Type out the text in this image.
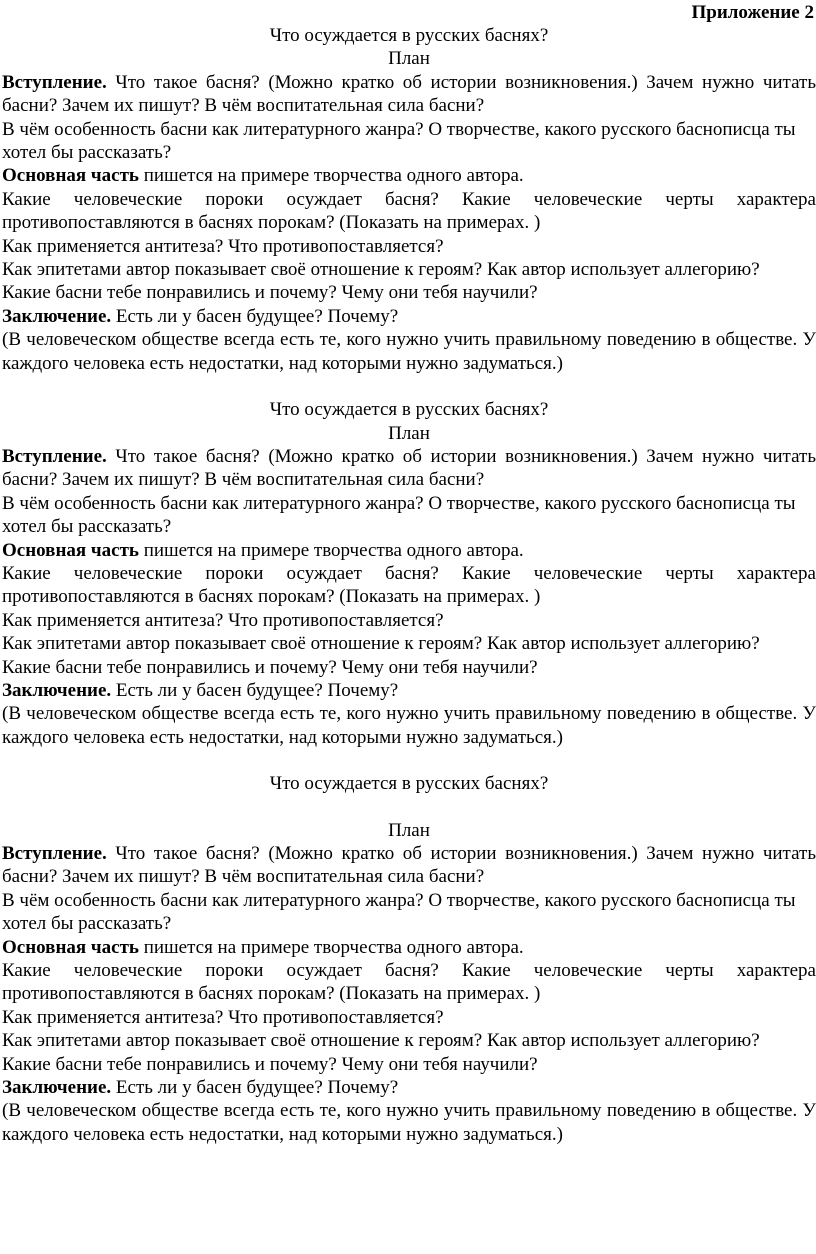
Приложение 2

Что осуждается в русских баснях?

План

Вступление. Что такое басня? (Можно кратко об истории возникновения.) Зачем нужно читать басни? Зачем их пишут? В чём воспитательная сила басни?

В чём особенность басни как литературного жанра? О творчестве, какого русского баснописца ты хотел бы рассказать?

Основная часть пишется на примере творчества одного автора.

Какие человеческие пороки осуждает басня? Какие человеческие черты характера противопоставляются в баснях порокам? (Показать на примерах. )

Как применяется антитеза? Что противопоставляется?

Как эпитетами автор показывает своё отношение к героям? Как автор использует аллегорию?

Какие басни тебе понравились и почему? Чему они тебя научили?

Заключение. Есть ли у басен будущее? Почему?

(В человеческом обществе всегда есть те, кого нужно учить правильному поведению в обществе. У каждого человека есть недостатки, над которыми нужно задуматься.)

Что осуждается в русских баснях?

План

Вступление. Что такое басня? (Можно кратко об истории возникновения.) Зачем нужно читать басни? Зачем их пишут? В чём воспитательная сила басни?

В чём особенность басни как литературного жанра? О творчестве, какого русского баснописца ты хотел бы рассказать?

Основная часть пишется на примере творчества одного автора.

Какие человеческие пороки осуждает басня? Какие человеческие черты характера противопоставляются в баснях порокам? (Показать на примерах. )

Как применяется антитеза? Что противопоставляется?

Как эпитетами автор показывает своё отношение к героям? Как автор использует аллегорию?

Какие басни тебе понравились и почему? Чему они тебя научили?

Заключение. Есть ли у басен будущее? Почему?

(В человеческом обществе всегда есть те, кого нужно учить правильному поведению в обществе. У каждого человека есть недостатки, над которыми нужно задуматься.)

Что осуждается в русских баснях?

План

Вступление. Что такое басня? (Можно кратко об истории возникновения.) Зачем нужно читать басни? Зачем их пишут? В чём воспитательная сила басни?

В чём особенность басни как литературного жанра? О творчестве, какого русского баснописца ты хотел бы рассказать?

Основная часть пишется на примере творчества одного автора.

Какие человеческие пороки осуждает басня? Какие человеческие черты характера противопоставляются в баснях порокам? (Показать на примерах. )

Как применяется антитеза? Что противопоставляется?

Как эпитетами автор показывает своё отношение к героям? Как автор использует аллегорию?

Какие басни тебе понравились и почему? Чему они тебя научили?

Заключение. Есть ли у басен будущее? Почему?

(В человеческом обществе всегда есть те, кого нужно учить правильному поведению в обществе. У каждого человека есть недостатки, над которыми нужно задуматься.)
